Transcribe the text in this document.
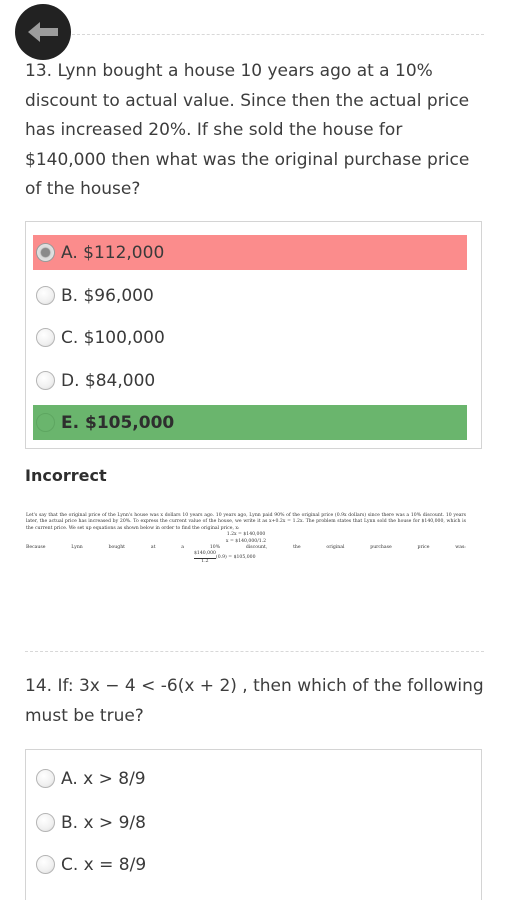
13. Lynn bought a house 10 years ago at a 10% discount to actual value. Since then the actual price has increased 20%. If she sold the house for $140,000 then what was the original purchase price of the house?
A. $112,000
B. $96,000
C. $100,000
D. $84,000
E. $105,000
Incorrect
Let's say that the original price of the Lynn's house was x dollars 10 years ago. 10 years ago, Lynn paid 90% of the original price (0.9x dollars) since there was a 10% discount. 10 years later, the actual price has increased by 20%. To express the current value of the house, we write it as x+0.2x = 1.2x. The problem states that Lynn sold the house for $140,000, which is the current price. We set up equations as shown below in order to find the original price, x:
1.2x = $140,000
x = $140,000/1.2
Because	Lynn	bought	at	a	10%	discount,	the	original	purchase	price	was:
$\frac{\$140,000}{1.2} (0.9)$ = $105,000
14. If: 3x − 4 < -6(x + 2) , then which of the following must be true?
A. x > 8/9
B. x > 9/8
C. x = 8/9
